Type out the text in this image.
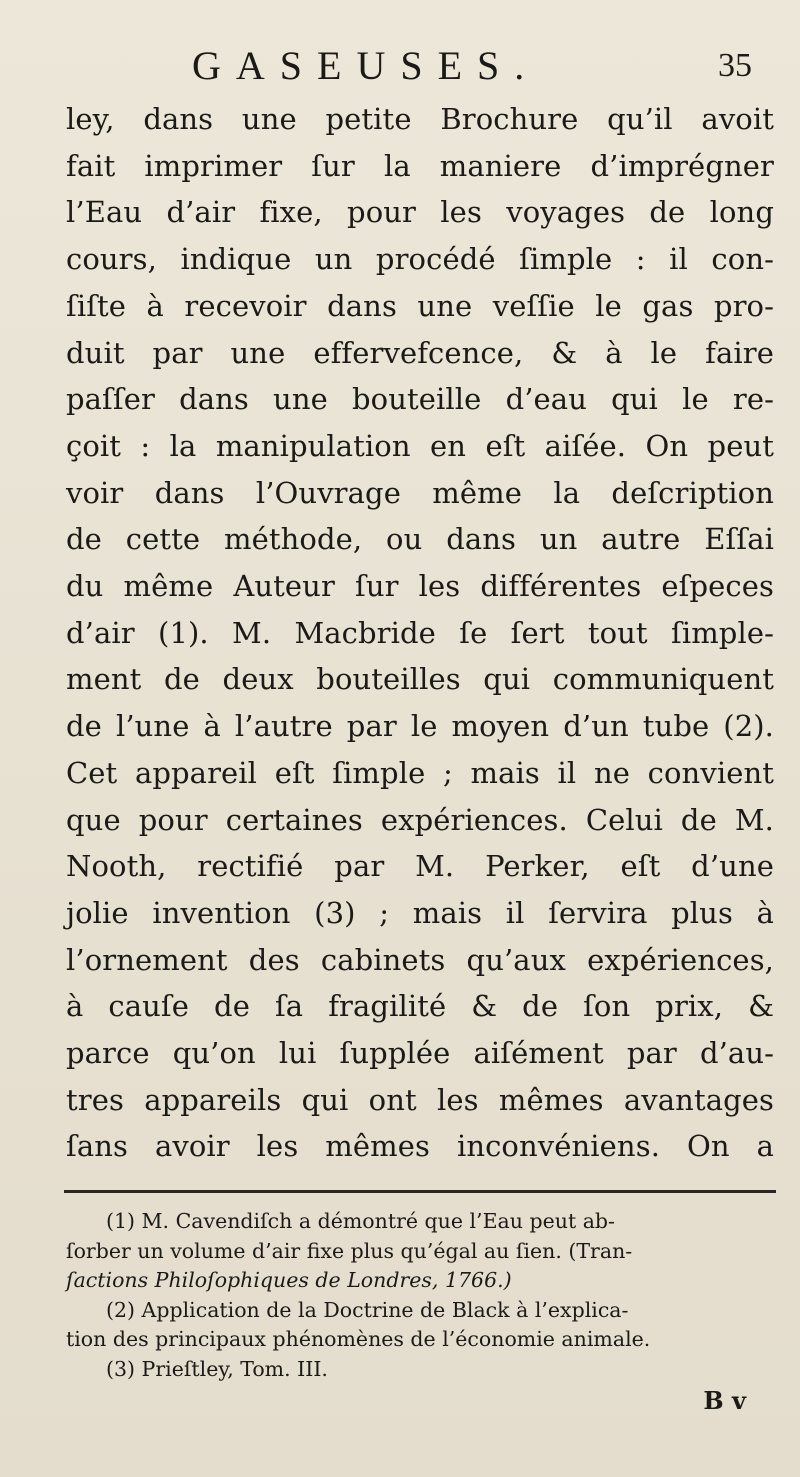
GASEUSES.	35
ley, dans une petite Brochure qu’il avoit
fait imprimer ſur la maniere d’imprégner
l’Eau d’air fixe, pour les voyages de long
cours, indique un procédé ſimple : il con-
ſiſte à recevoir dans une veſſie le gas pro-
duit par une effervefcence, & à le faire
paſſer dans une bouteille d’eau qui le re-
çoit : la manipulation en eſt aiſée. On peut
voir dans l’Ouvrage même la deſcription
de cette méthode, ou dans un autre Eſſai
du même Auteur ſur les différentes eſpeces
d’air (1). M. Macbride ſe ſert tout ſimple-
ment de deux bouteilles qui communiquent
de l’une à l’autre par le moyen d’un tube (2).
Cet appareil eſt ſimple ; mais il ne convient
que pour certaines expériences. Celui de M.
Nooth, rectifié par M. Perker, eſt d’une
jolie invention (3) ; mais il ſervira plus à
l’ornement des cabinets qu’aux expériences,
à cauſe de ſa fragilité & de ſon prix, &
parce qu’on lui ſupplée aiſément par d’au-
tres appareils qui ont les mêmes avantages
ſans avoir les mêmes inconvéniens. On a
(1) M. Cavendiſch a démontré que l’Eau peut ab-
ſorber un volume d’air fixe plus qu’égal au ſien. (Tran-
ſactions Philoſophiques de Londres, 1766.)
(2) Application de la Doctrine de Black à l’explica-
tion des principaux phénomènes de l’économie animale.
(3) Prieſtley, Tom. III.
B v
